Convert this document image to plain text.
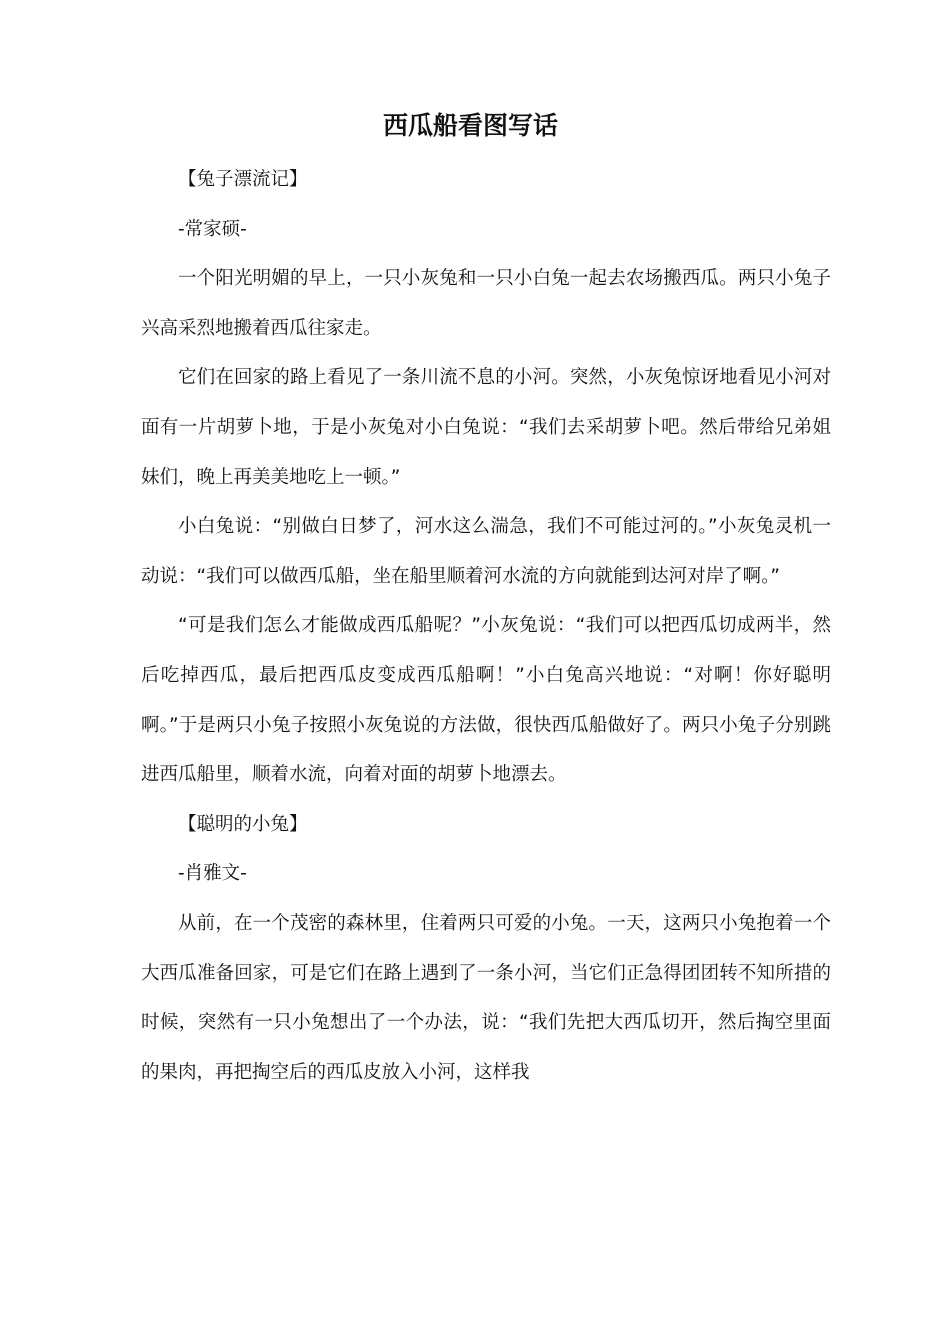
西瓜船看图写话

【兔子漂流记】

-常家硕-

一个阳光明媚的早上，一只小灰兔和一只小白兔一起去农场搬西瓜。两只小兔子兴高采烈地搬着西瓜往家走。

它们在回家的路上看见了一条川流不息的小河。突然，小灰兔惊讶地看见小河对面有一片胡萝卜地，于是小灰兔对小白兔说：“我们去采胡萝卜吧。然后带给兄弟姐妹们，晚上再美美地吃上一顿。”

小白兔说：“别做白日梦了，河水这么湍急，我们不可能过河的。”小灰兔灵机一动说：“我们可以做西瓜船，坐在船里顺着河水流的方向就能到达河对岸了啊。”

“可是我们怎么才能做成西瓜船呢？”小灰兔说：“我们可以把西瓜切成两半，然后吃掉西瓜，最后把西瓜皮变成西瓜船啊！”小白兔高兴地说：“对啊！你好聪明啊。”于是两只小兔子按照小灰兔说的方法做，很快西瓜船做好了。两只小兔子分别跳进西瓜船里，顺着水流，向着对面的胡萝卜地漂去。

【聪明的小兔】

-肖雅文-

从前，在一个茂密的森林里，住着两只可爱的小兔。一天，这两只小兔抱着一个大西瓜准备回家，可是它们在路上遇到了一条小河，当它们正急得团团转不知所措的时候，突然有一只小兔想出了一个办法，说：“我们先把大西瓜切开，然后掏空里面的果肉，再把掏空后的西瓜皮放入小河，这样我
